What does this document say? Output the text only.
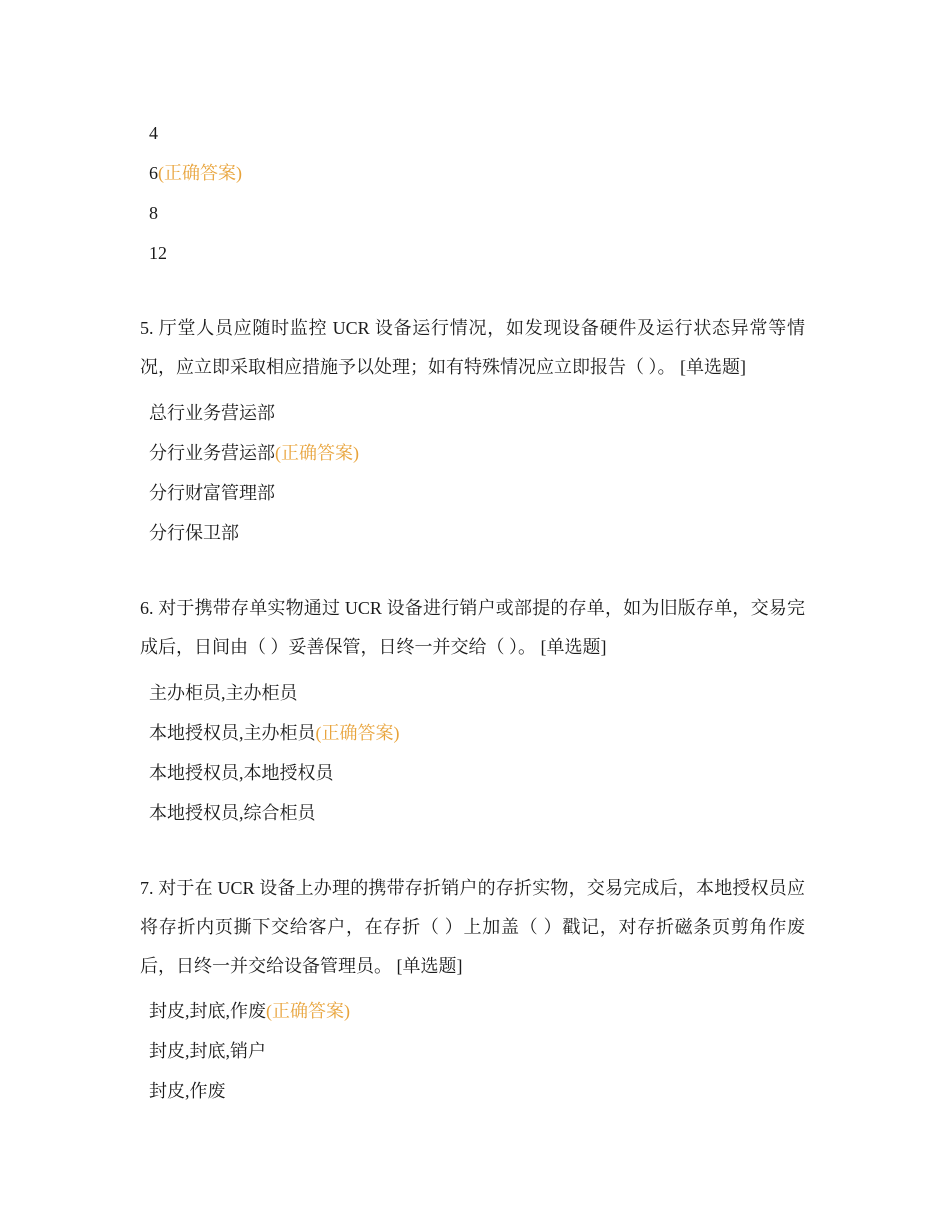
4
6(正确答案)
8
12
5. 厅堂人员应随时监控 UCR 设备运行情况，如发现设备硬件及运行状态异常等情况，应立即采取相应措施予以处理；如有特殊情况应立即报告（ ）。 [单选题]
总行业务营运部
分行业务营运部(正确答案)
分行财富管理部
分行保卫部
6. 对于携带存单实物通过 UCR 设备进行销户或部提的存单，如为旧版存单，交易完成后，日间由（ ）妥善保管，日终一并交给（ ）。 [单选题]
主办柜员,主办柜员
本地授权员,主办柜员(正确答案)
本地授权员,本地授权员
本地授权员,综合柜员
7. 对于在 UCR 设备上办理的携带存折销户的存折实物，交易完成后，本地授权员应将存折内页撕下交给客户，在存折（ ）上加盖（ ）戳记，对存折磁条页剪角作废后，日终一并交给设备管理员。 [单选题]
封皮,封底,作废(正确答案)
封皮,封底,销户
封皮,作废
